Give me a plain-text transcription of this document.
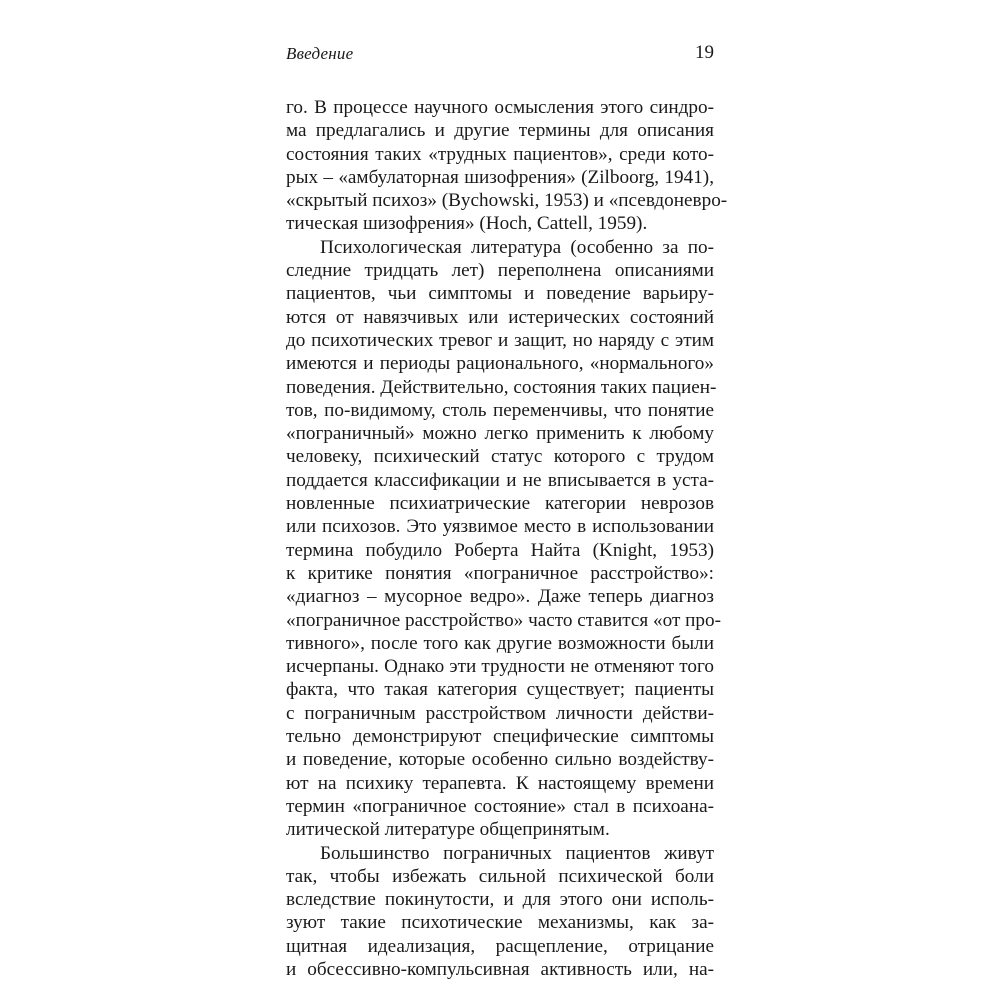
Введение	19
го. В процессе научного осмысления этого синдро-
ма предлагались и другие термины для описания
состояния таких «трудных пациентов», среди кото-
рых – «амбулаторная шизофрения» (Zilboorg, 1941),
«скрытый психоз» (Bychowski, 1953) и «псевдоневро-
тическая шизофрения» (Hoch, Cattell, 1959).
Психологическая литература (особенно за по-
следние тридцать лет) переполнена описаниями
пациентов, чьи симптомы и поведение варьиру-
ются от навязчивых или истерических состояний
до психотических тревог и защит, но наряду с этим
имеются и периоды рационального, «нормального»
поведения. Действительно, состояния таких пациен-
тов, по-видимому, столь переменчивы, что понятие
«пограничный» можно легко применить к любому
человеку, психический статус которого с трудом
поддается классификации и не вписывается в уста-
новленные психиатрические категории неврозов
или психозов. Это уязвимое место в использовании
термина побудило Роберта Найта (Knight, 1953)
к критике понятия «пограничное расстройство»:
«диагноз – мусорное ведро». Даже теперь диагноз
«пограничное расстройство» часто ставится «от про-
тивного», после того как другие возможности были
исчерпаны. Однако эти трудности не отменяют того
факта, что такая категория существует; пациенты
с пограничным расстройством личности действи-
тельно демонстрируют специфические симптомы
и поведение, которые особенно сильно воздейству-
ют на психику терапевта. К настоящему времени
термин «пограничное состояние» стал в психоана-
литической литературе общепринятым.
Большинство пограничных пациентов живут
так, чтобы избежать сильной психической боли
вследствие покинутости, и для этого они исполь-
зуют такие психотические механизмы, как за-
щитная идеализация, расщепление, отрицание
и обсессивно-компульсивная активность или, на-
